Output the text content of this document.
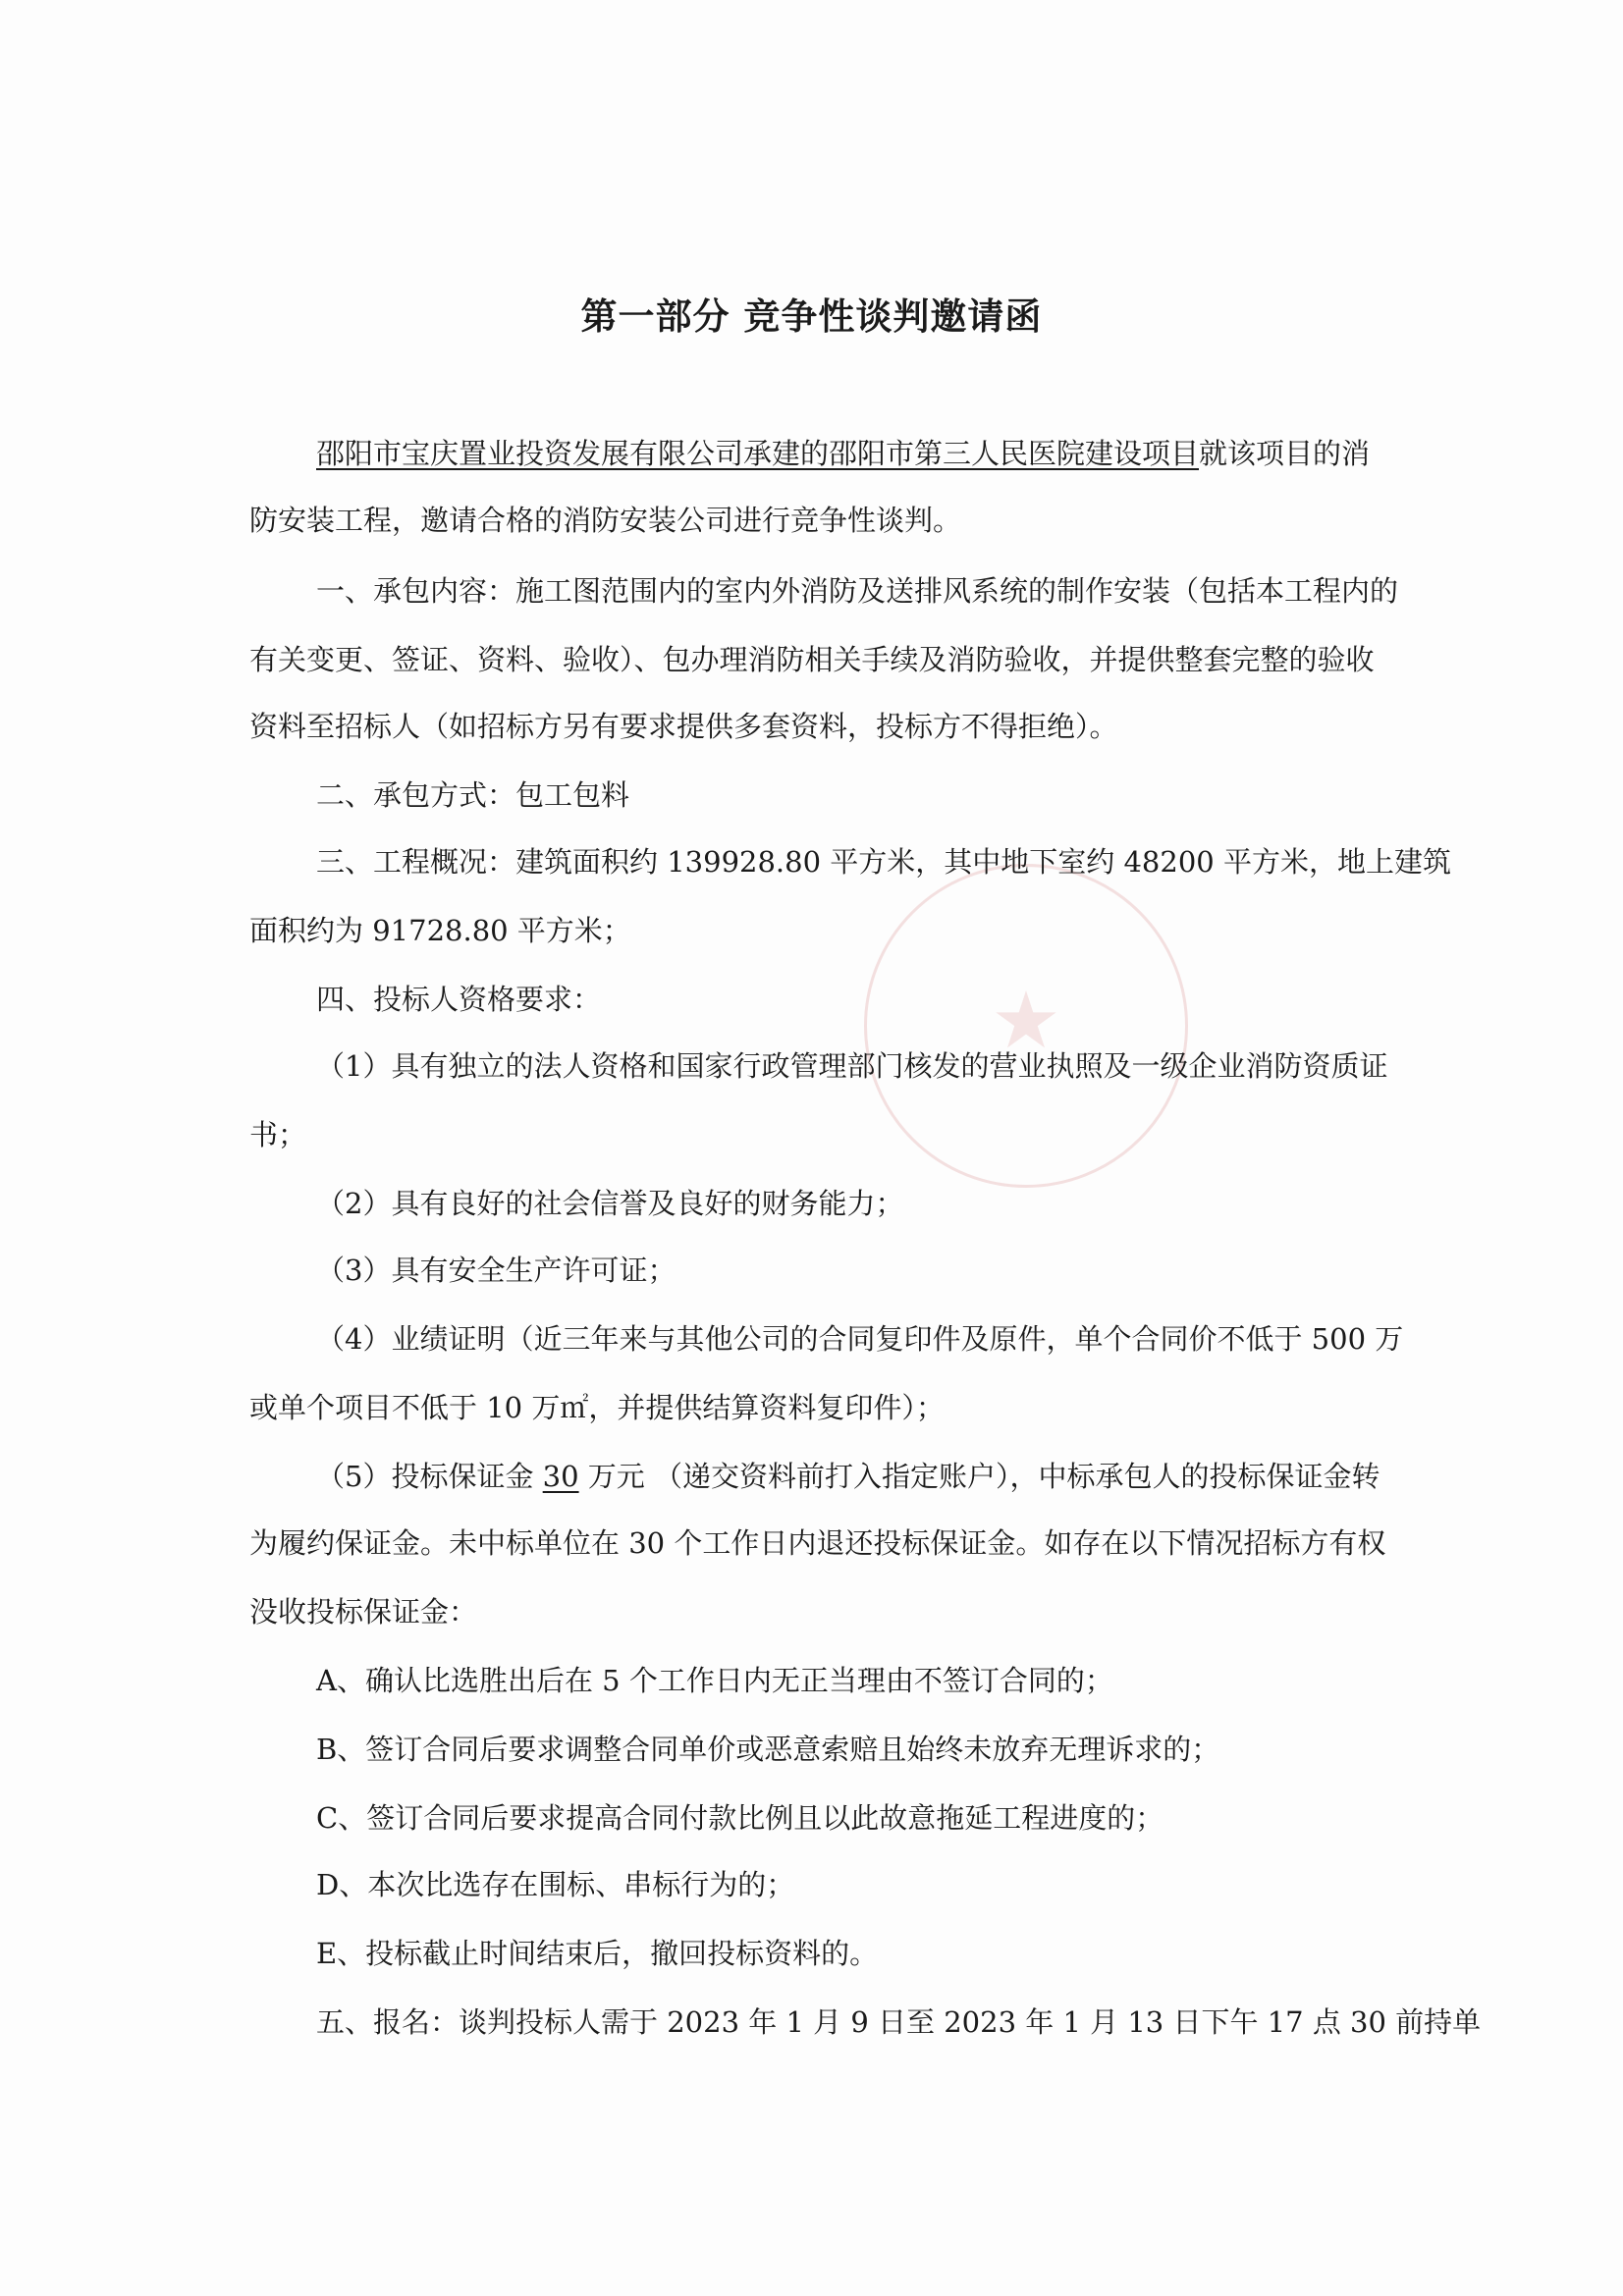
★
第一部分 竞争性谈判邀请函
邵阳市宝庆置业投资发展有限公司承建的邵阳市第三人民医院建设项目就该项目的消
防安装工程，邀请合格的消防安装公司进行竞争性谈判。
一、承包内容：施工图范围内的室内外消防及送排风系统的制作安装（包括本工程内的
有关变更、签证、资料、验收）、包办理消防相关手续及消防验收，并提供整套完整的验收
资料至招标人（如招标方另有要求提供多套资料，投标方不得拒绝）。
二、承包方式：包工包料
三、工程概况：建筑面积约 139928.80 平方米，其中地下室约 48200 平方米，地上建筑
面积约为 91728.80 平方米；
四、投标人资格要求：
（1）具有独立的法人资格和国家行政管理部门核发的营业执照及一级企业消防资质证
书；
（2）具有良好的社会信誉及良好的财务能力；
（3）具有安全生产许可证；
（4）业绩证明（近三年来与其他公司的合同复印件及原件，单个合同价不低于 500 万
或单个项目不低于 10 万㎡，并提供结算资料复印件）；
（5）投标保证金 30 万元 （递交资料前打入指定账户），中标承包人的投标保证金转
为履约保证金。未中标单位在 30 个工作日内退还投标保证金。如存在以下情况招标方有权
没收投标保证金：
A、确认比选胜出后在 5 个工作日内无正当理由不签订合同的；
B、签订合同后要求调整合同单价或恶意索赔且始终未放弃无理诉求的；
C、签订合同后要求提高合同付款比例且以此故意拖延工程进度的；
D、本次比选存在围标、串标行为的；
E、投标截止时间结束后，撤回投标资料的。
五、报名：谈判投标人需于 2023 年 1 月 9 日至 2023 年 1 月 13 日下午 17 点 30 前持单
